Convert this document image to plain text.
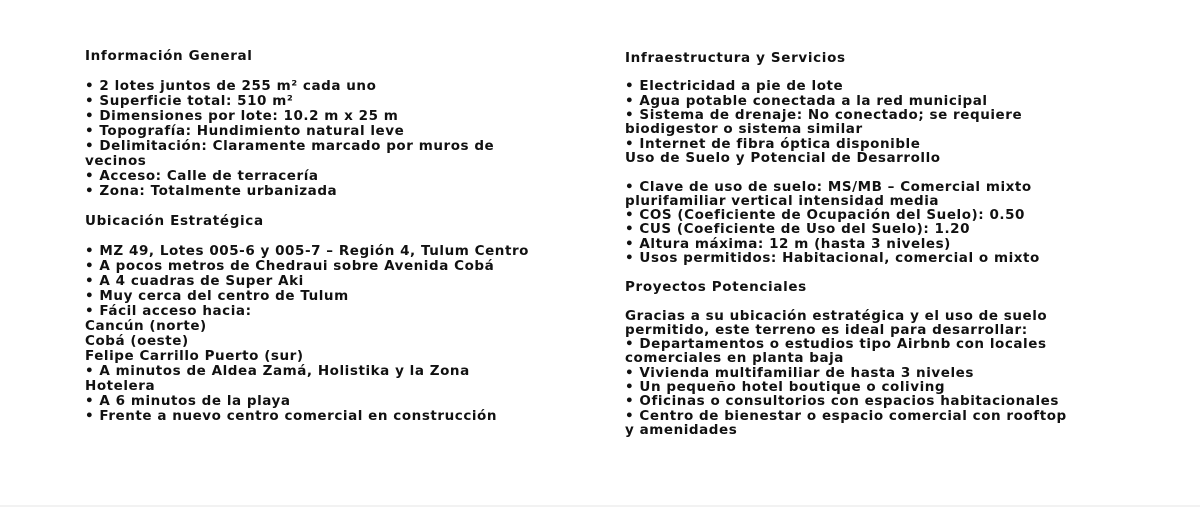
Información General
• 2 lotes juntos de 255 m² cada uno
• Superficie total: 510 m²
• Dimensiones por lote: 10.2 m x 25 m
• Topografía: Hundimiento natural leve
• Delimitación: Claramente marcado por muros de
vecinos
• Acceso: Calle de terracería
• Zona: Totalmente urbanizada
Ubicación Estratégica
• MZ 49, Lotes 005-6 y 005-7 – Región 4, Tulum Centro
• A pocos metros de Chedraui sobre Avenida Cobá
• A 4 cuadras de Super Aki
• Muy cerca del centro de Tulum
• Fácil acceso hacia:
Cancún (norte)
Cobá (oeste)
Felipe Carrillo Puerto (sur)
• A minutos de Aldea Zamá, Holistika y la Zona
Hotelera
• A 6 minutos de la playa
• Frente a nuevo centro comercial en construcción
Infraestructura y Servicios
• Electricidad a pie de lote
• Agua potable conectada a la red municipal
• Sistema de drenaje: No conectado; se requiere
biodigestor o sistema similar
• Internet de fibra óptica disponible
Uso de Suelo y Potencial de Desarrollo
• Clave de uso de suelo: MS/MB – Comercial mixto
plurifamiliar vertical intensidad media
• COS (Coeficiente de Ocupación del Suelo): 0.50
• CUS (Coeficiente de Uso del Suelo): 1.20
• Altura máxima: 12 m (hasta 3 niveles)
• Usos permitidos: Habitacional, comercial o mixto
Proyectos Potenciales
Gracias a su ubicación estratégica y el uso de suelo
permitido, este terreno es ideal para desarrollar:
• Departamentos o estudios tipo Airbnb con locales
comerciales en planta baja
• Vivienda multifamiliar de hasta 3 niveles
• Un pequeño hotel boutique o coliving
• Oficinas o consultorios con espacios habitacionales
• Centro de bienestar o espacio comercial con rooftop
y amenidades
